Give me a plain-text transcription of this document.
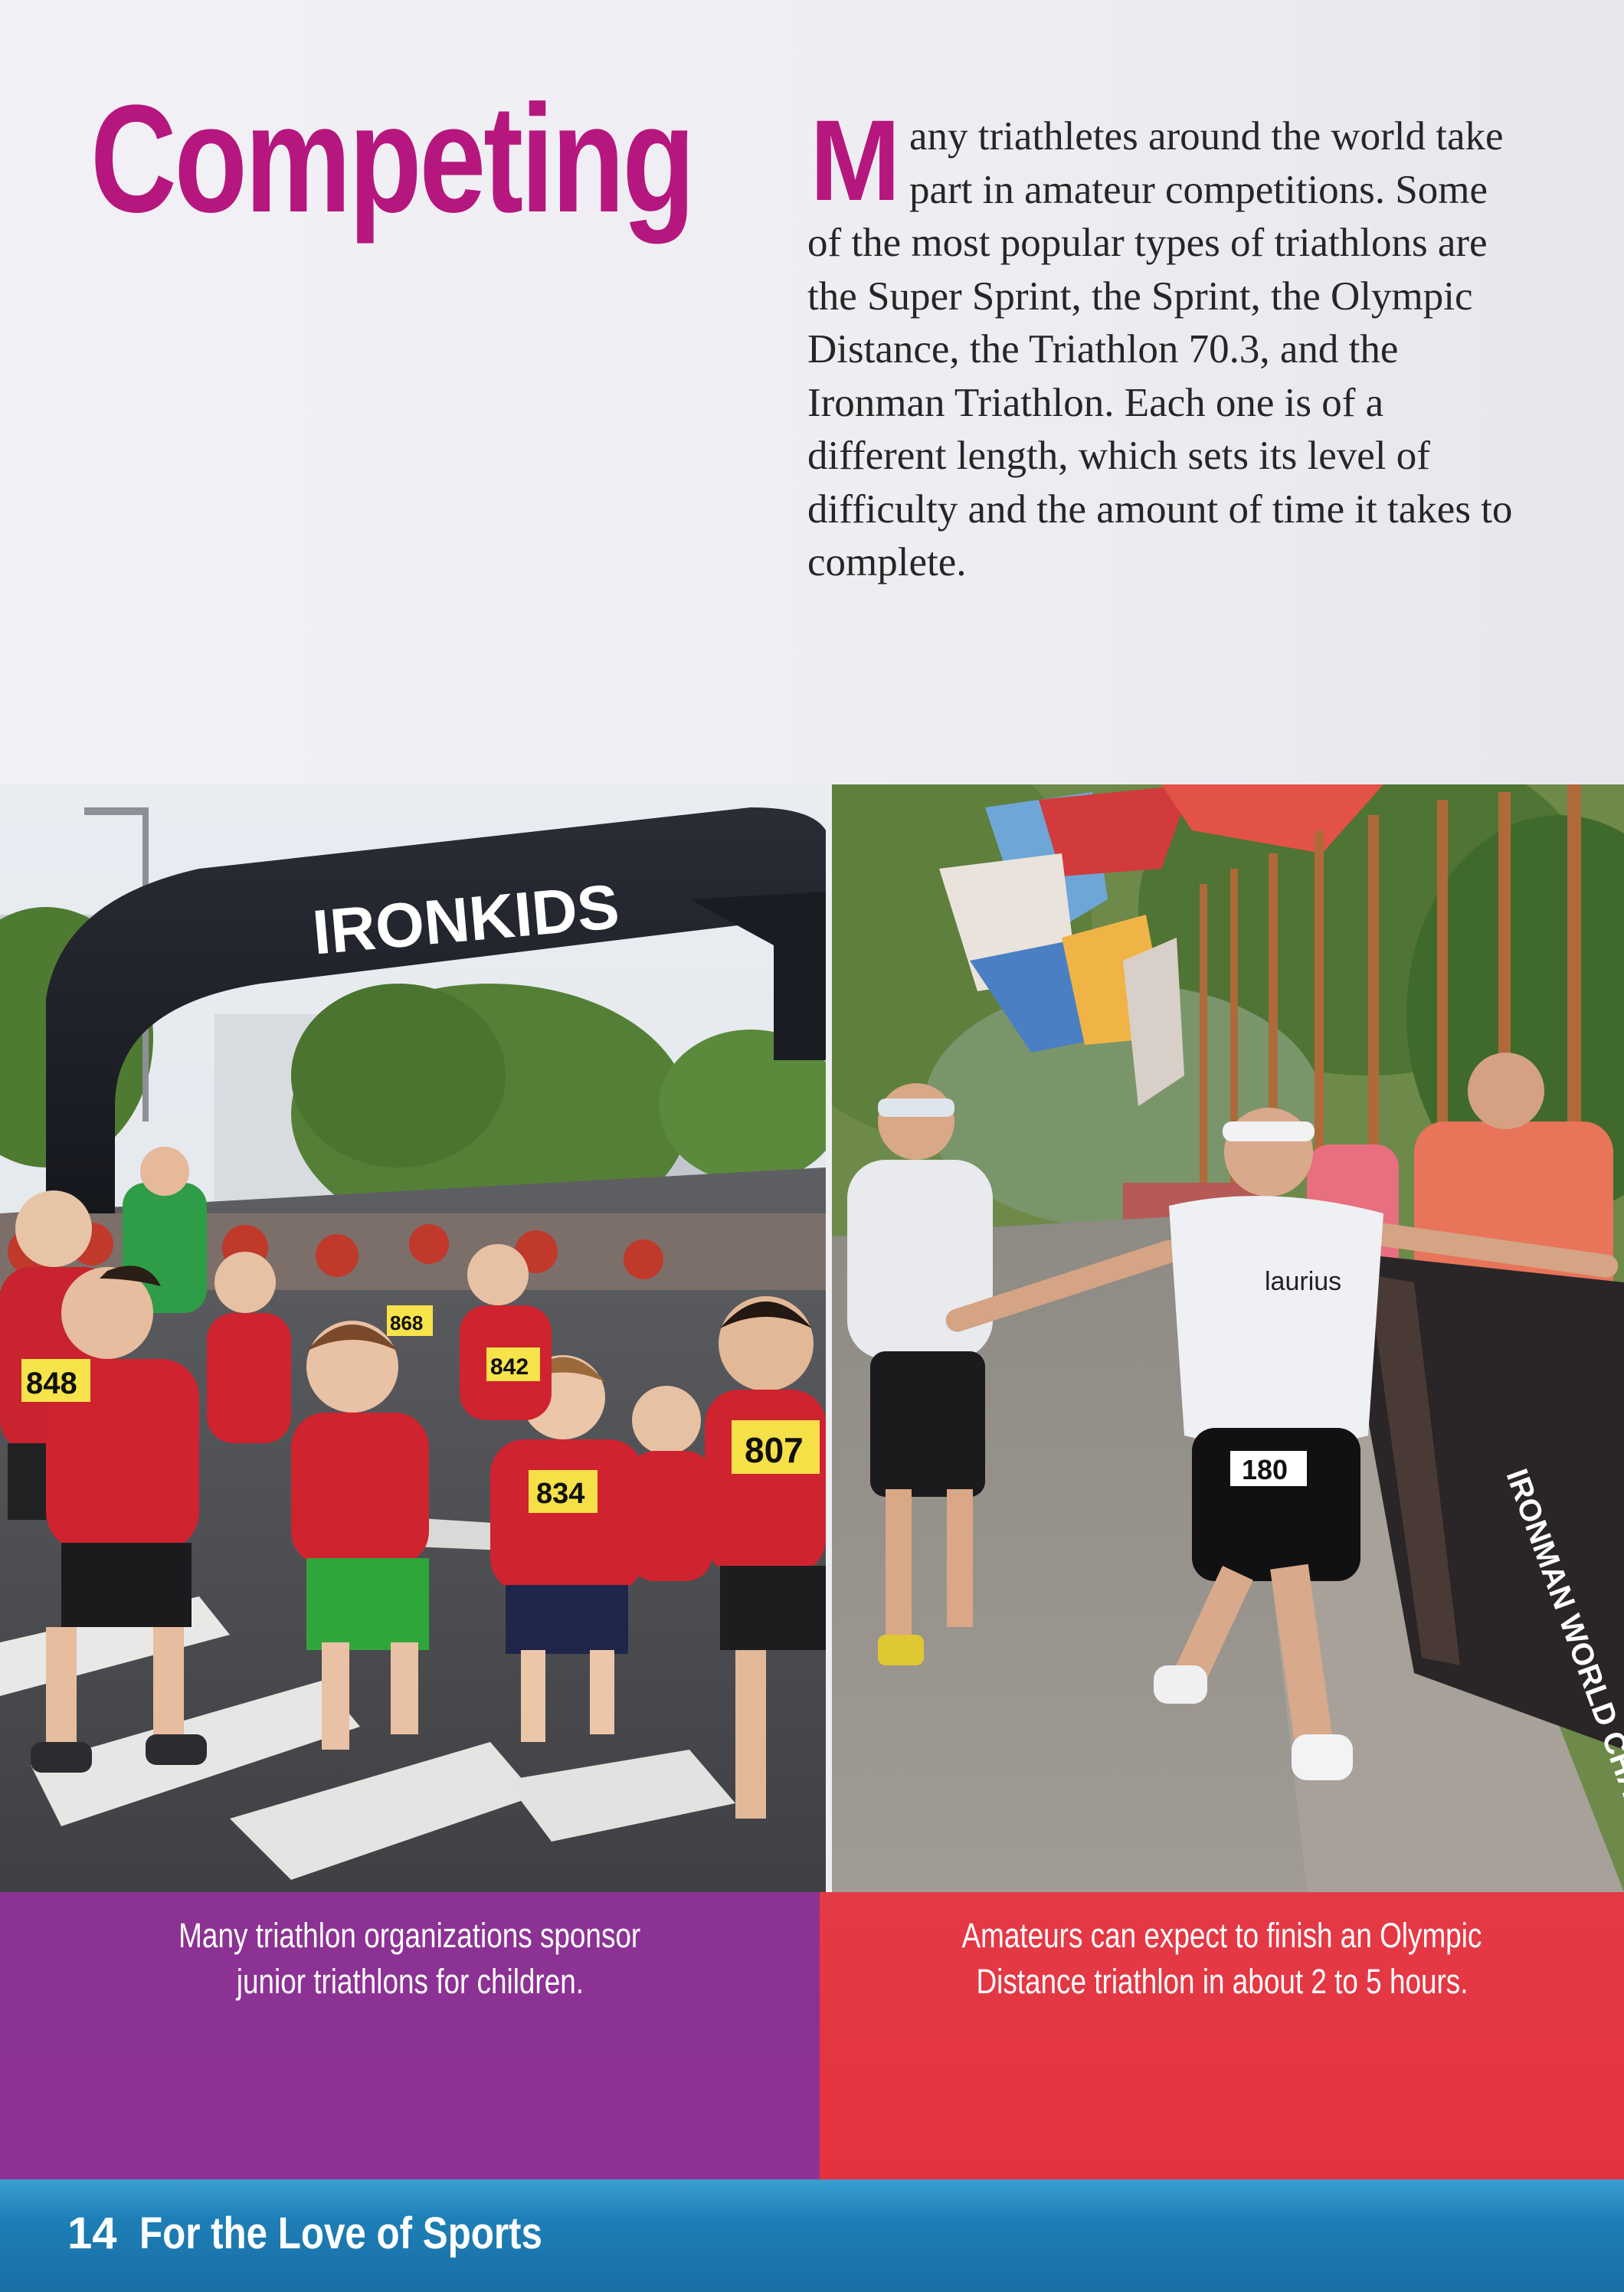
Competing Many triathletes around the world take part in amateur competitions. Some of the most popular types of triathlons are the Super Sprint, the Sprint, the Olympic Distance, the Triathlon 70.3, and the Ironman Triathlon. Each one is of a different length, which sets its level of difficulty and the amount of time it takes to complete.
IRONKIDS
848	842
868
807
834
laurius
180
Many triathlon organizations sponsor
junior triathlons for children.
Amateurs can expect to finish an Olympic
Distance triathlon in about 2 to 5 hours.
14 For the Love of Sports
